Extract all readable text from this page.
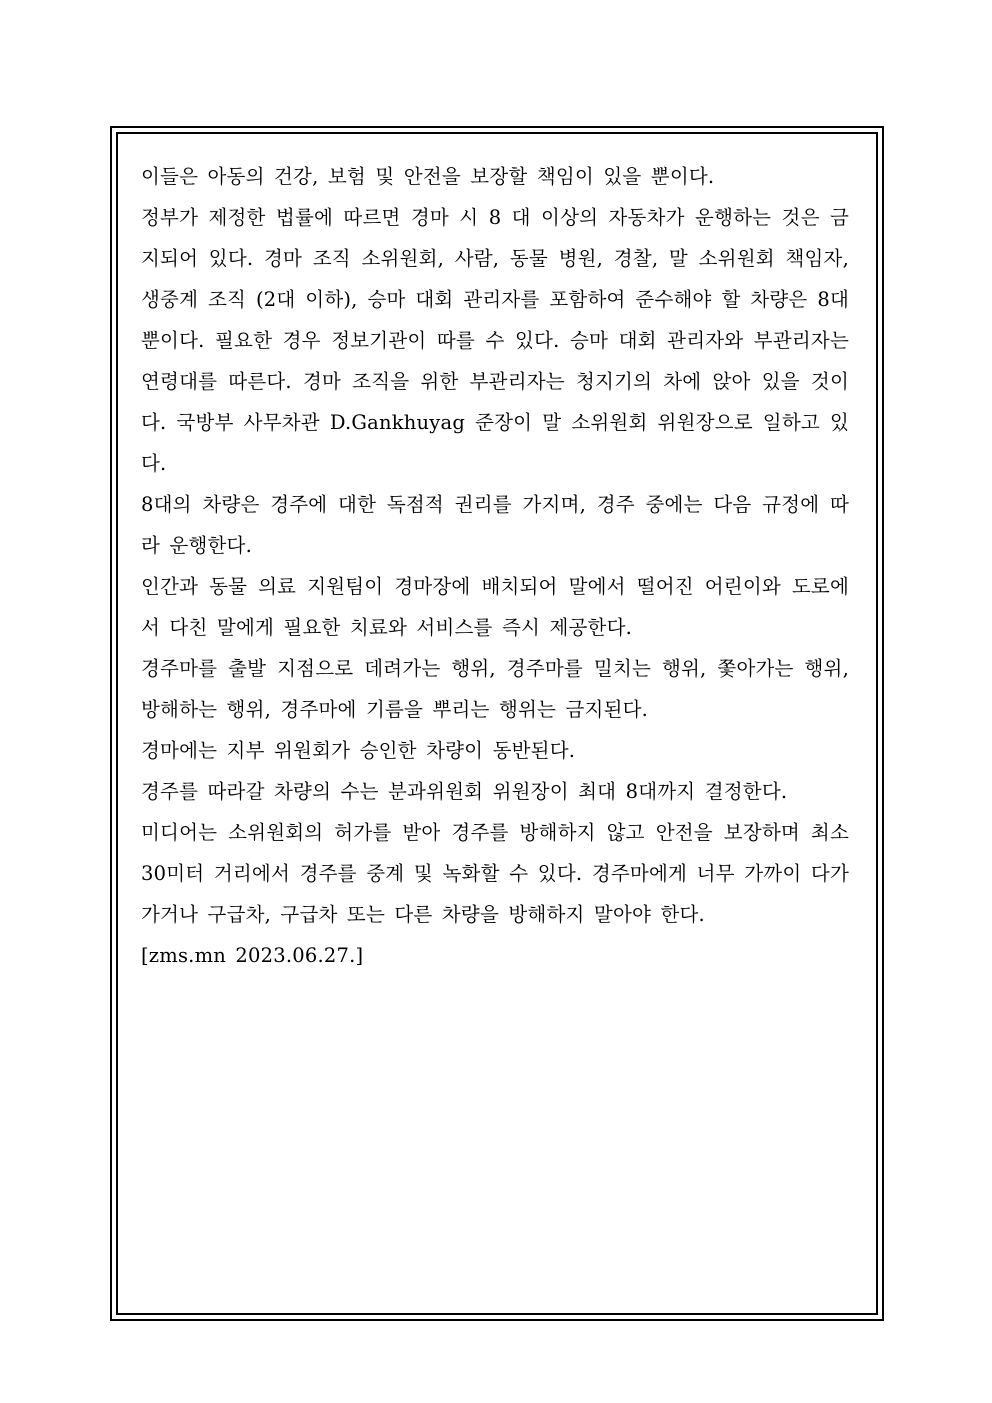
이들은 아동의 건강, 보험 및 안전을 보장할 책임이 있을 뿐이다.

정부가 제정한 법률에 따르면 경마 시 8 대 이상의 자동차가 운행하는 것은 금지되어 있다. 경마 조직 소위원회, 사람, 동물 병원, 경찰, 말 소위원회 책임자, 생중계 조직 (2대 이하), 승마 대회 관리자를 포함하여 준수해야 할 차량은 8대뿐이다. 필요한 경우 정보기관이 따를 수 있다. 승마 대회 관리자와 부관리자는 연령대를 따른다. 경마 조직을 위한 부관리자는 청지기의 차에 앉아 있을 것이다. 국방부 사무차관 D.Gankhuyag 준장이 말 소위원회 위원장으로 일하고 있다.

8대의 차량은 경주에 대한 독점적 권리를 가지며, 경주 중에는 다음 규정에 따라 운행한다.

인간과 동물 의료 지원팀이 경마장에 배치되어 말에서 떨어진 어린이와 도로에서 다친 말에게 필요한 치료와 서비스를 즉시 제공한다.

경주마를 출발 지점으로 데려가는 행위, 경주마를 밀치는 행위, 쫓아가는 행위, 방해하는 행위, 경주마에 기름을 뿌리는 행위는 금지된다.

경마에는 지부 위원회가 승인한 차량이 동반된다.

경주를 따라갈 차량의 수는 분과위원회 위원장이 최대 8대까지 결정한다.

미디어는 소위원회의 허가를 받아 경주를 방해하지 않고 안전을 보장하며 최소 30미터 거리에서 경주를 중계 및 녹화할 수 있다. 경주마에게 너무 가까이 다가가거나 구급차, 구급차 또는 다른 차량을 방해하지 말아야 한다.

[zms.mn 2023.06.27.]
